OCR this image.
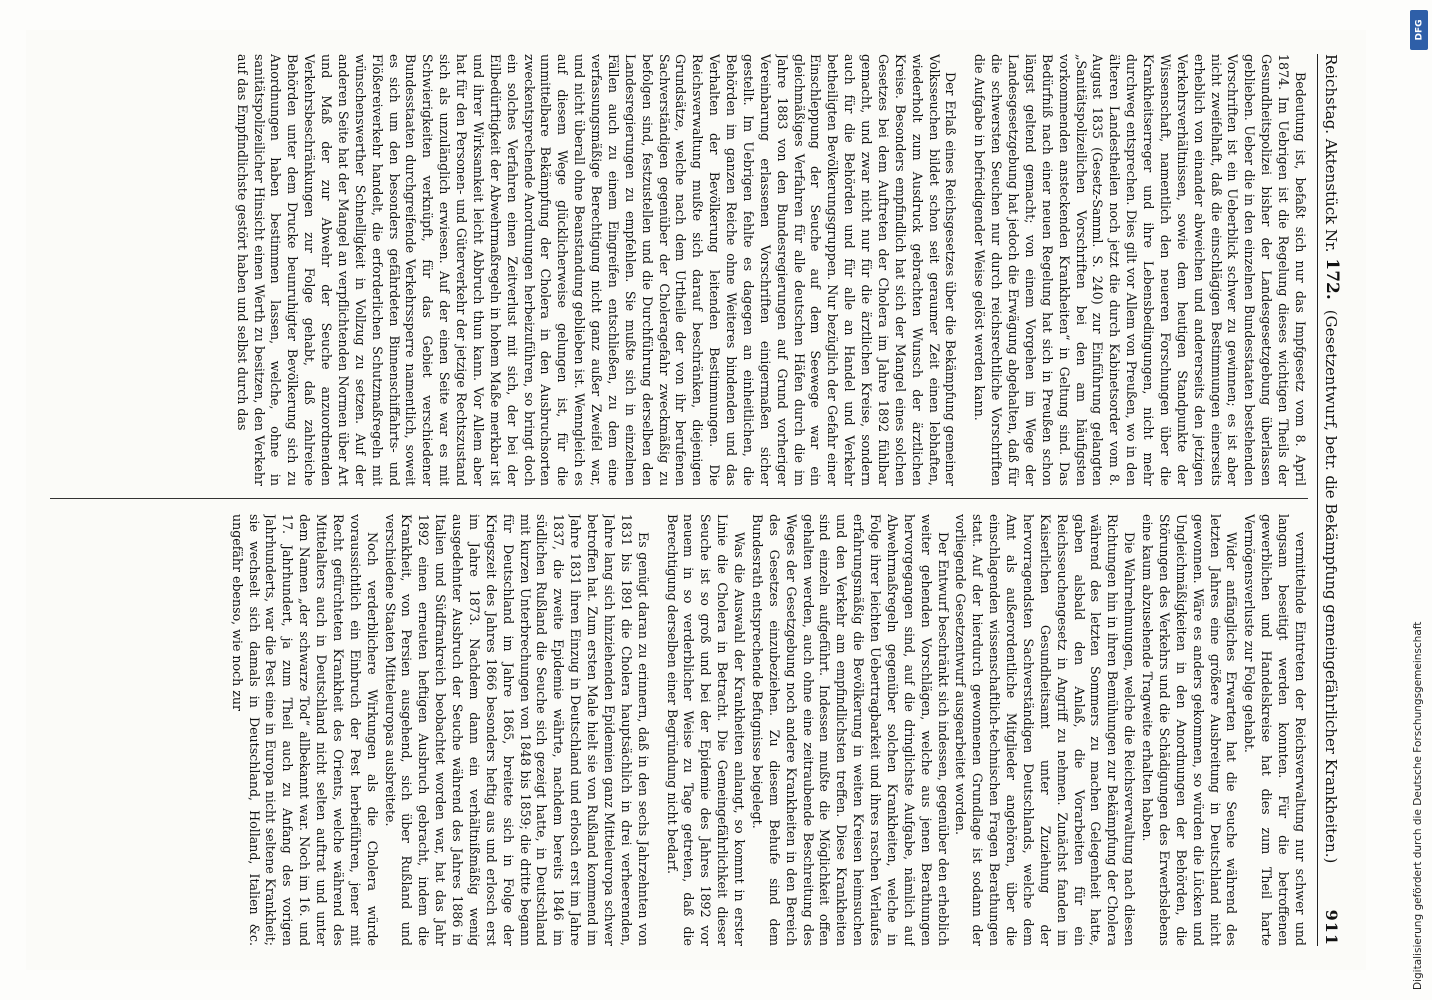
Reichstag. Aktenstück Nr.
172.
(Gesetzentwurf, betr. die Bekämpfung gemeingefährlicher Krankheiten.)
911

Bedeutung ist, befaßt sich nur das Impfgesetz vom 8. April 1874. Im Uebrigen ist die Regelung dieses wichtigen Theils der Gesundheitspolizei bisher der Landesgesetzgebung überlassen geblieben. Ueber die in den einzelnen Bundesstaaten bestehenden Vorschriften ist ein Ueberblick schwer zu gewinnen; es ist aber nicht zweifelhaft, daß die einschlägigen Bestimmungen einerseits erheblich von einander abweichen und andererseits den jetzigen Verkehrsverhältnissen, sowie dem heutigen Standpunkte der Wissenschaft, namentlich den neueren Forschungen über die Krankheitserreger und ihre Lebensbedingungen, nicht mehr durchweg entsprechen. Dies gilt vor Allem von Preußen, wo in den älteren Landestheilen noch jetzt die durch Kabinetsorder vom 8. August 1835 (Gesetz-Samml. S. 240) zur Einführung gelangten „Sanitätspolizeilichen Vorschriften bei den am häufigsten vorkommenden ansteckenden Krankheiten“ in Geltung sind. Das Bedürfniß nach einer neuen Regelung hat sich in Preußen schon längst geltend gemacht; von einem Vorgehen im Wege der Landesgesetzgebung hat jedoch die Erwägung abgehalten, daß für die schwersten Seuchen nur durch reichsrechtliche Vorschriften die Aufgabe in befriedigender Weise gelöst werden kann.

Der Erlaß eines Reichsgesetzes über die Bekämpfung gemeiner Volksseuchen bildet schon seit geraumer Zeit einen lebhaften, wiederholt zum Ausdruck gebrachten Wunsch der ärztlichen Kreise. Besonders empfindlich hat sich der Mangel eines solchen Gesetzes bei dem Auftreten der Cholera im Jahre 1892 fühlbar gemacht, und zwar nicht nur für die ärztlichen Kreise, sondern auch für die Behörden und für alle an Handel und Verkehr betheiligten Bevölkerungsgruppen. Nur bezüglich der Gefahr einer Einschleppung der Seuche auf dem Seewege war ein gleichmäßiges Verfahren für alle deutschen Häfen durch die im Jahre 1883 von den Bundesregierungen auf Grund vorheriger Vereinbarung erlassenen Vorschriften einigermaßen sicher gestellt. Im Uebrigen fehlte es dagegen an einheitlichen, die Behörden im ganzen Reiche ohne Weiteres bindenden und das Verhalten der Bevölkerung leitenden Bestimmungen. Die Reichsverwaltung mußte sich darauf beschränken, diejenigen Grundsätze, welche nach dem Urtheile der von ihr berufenen Sachverständigen gegenüber der Choleragefahr zweckmäßig zu befolgen sind, festzustellen und die Durchführung derselben den Landesregierungen zu empfehlen. Sie mußte sich in einzelnen Fällen auch zu einem Eingreifen entschließen, zu dem eine verfassungsmäßige Berechtigung nicht ganz außer Zweifel war, und nicht überall ohne Beanstandung geblieben ist. Wenngleich es auf diesem Wege glücklicherweise gelungen ist, für die unmittelbare Bekämpfung der Cholera in den Ausbruchsorten zweckentsprechende Anordnungen herbeizuführen, so bringt doch ein solches Verfahren einen Zeitverlust mit sich, der bei der Eilbedürftigkeit der Abwehrmaßregeln in hohem Maße merkbar ist und ihrer Wirksamkeit leicht Abbruch thun kann. Vor Allem aber hat für den Personen- und Güterverkehr der jetzige Rechtszustand sich als unzulänglich erwiesen. Auf der einen Seite war es mit Schwierigkeiten verknüpft, für das Gebiet verschiedener Bundesstaaten durchgreifende Verkehrssperre namentlich, soweit es sich um den besonders gefährdeten Binnenschiffahrts- und Flößereiverkehr handelt, die erforderlichen Schutzmaßregeln mit wünschenswerther Schnelligkeit in Vollzug zu setzen. Auf der anderen Seite hat der Mangel an verpflichtenden Normen über Art und Maß der zur Abwehr der Seuche anzuordnenden Verkehrsbeschränkungen zur Folge gehabt, daß zahlreiche Behörden unter dem Drucke beunruhigter Bevölkerung sich zu Anordnungen haben bestimmen lassen, welche, ohne in sanitätspolizeilicher Hinsicht einen Werth zu besitzen, den Verkehr auf das Empfindlichste gestört haben und selbst durch das

vermittelnde Eintreten der Reichsverwaltung nur schwer und langsam beseitigt werden konnten. Für die betroffenen gewerblichen und Handelskreise hat dies zum Theil harte Vermögensverluste zur Folge gehabt.

Wider anfängliches Erwarten hat die Seuche während des letzten Jahres eine größere Ausbreitung in Deutschland nicht gewonnen. Wäre es anders gekommen, so würden die Lücken und Ungleichmäßigkeiten in den Anordnungen der Behörden, die Störungen des Verkehrs und die Schädigungen des Erwerbslebens eine kaum abzusehende Tragweite erhalten haben.

Die Wahrnehmungen, welche die Reichsverwaltung nach diesen Richtungen hin in ihren Bemühungen zur Bekämpfung der Cholera während des letzten Sommers zu machen Gelegenheit hatte, gaben alsbald den Anlaß, die Vorarbeiten für ein Reichsseuchengesetz in Angriff zu nehmen. Zunächst fanden im Kaiserlichen Gesundheitsamt unter Zuziehung der hervorragendsten Sachverständigen Deutschlands, welche dem Amt als außerordentliche Mitglieder angehören, über die einschlagenden wissenschaftlich-technischen Fragen Berathungen statt. Auf der hierdurch gewonnenen Grundlage ist sodann der vorliegende Gesetzentwurf ausgearbeitet worden.

Der Entwurf beschränkt sich indessen, gegenüber den erheblich weiter gehenden Vorschlägen, welche aus jenen Berathungen hervorgegangen sind, auf die dringlichste Aufgabe, nämlich auf Abwehrmaßregeln gegenüber solchen Krankheiten, welche in Folge ihrer leichten Uebertragbarkeit und ihres raschen Verlaufes erfahrungsmäßig die Bevölkerung in weiten Kreisen heimsuchen und den Verkehr am empfindlichsten treffen. Diese Krankheiten sind einzeln aufgeführt. Indessen mußte die Möglichkeit offen gehalten werden, auch ohne eine zeitraubende Beschreitung des Weges der Gesetzgebung noch andere Krankheiten in den Bereich des Gesetzes einzubeziehen. Zu diesem Behufe sind dem Bundesrath entsprechende Befugnisse beigelegt.

Was die Auswahl der Krankheiten anlangt, so kommt in erster Linie die Cholera in Betracht. Die Gemeingefährlichkeit dieser Seuche ist so groß und bei der Epidemie des Jahres 1892 vor neuem in so verderblicher Weise zu Tage getreten, daß die Berechtigung derselben einer Begründung nicht bedarf.

Es genügt daran zu erinnern, daß in den sechs Jahrzehnten von 1831 bis 1891 die Cholera hauptsächlich in drei verheerenden, Jahre lang sich hinziehenden Epidemien ganz Mitteleuropa schwer betroffen hat. Zum ersten Male hielt sie von Rußland kommend im Jahre 1831 ihren Einzug in Deutschland und erlosch erst im Jahre 1837, die zweite Epidemie währte, nachdem bereits 1846 im südlichen Rußland die Seuche sich gezeigt hatte, in Deutschland mit kurzen Unterbrechungen von 1848 bis 1859; die dritte begann für Deutschland im Jahre 1865, breitete sich in Folge der Kriegszeit des Jahres 1866 besonders heftig aus und erlosch erst im Jahre 1873. Nachdem dann ein verhältnißmäßig wenig ausgedehnter Ausbruch der Seuche während des Jahres 1886 in Italien und Südfrankreich beobachtet worden war, hat das Jahr 1892 einen erneuten heftigen Ausbruch gebracht, indem die Krankheit, von Persien ausgehend, sich über Rußland und verschiedene Staaten Mitteleuropas ausbreitete.

Noch verderblichere Wirkungen als die Cholera würde voraussichtlich ein Einbruch der Pest herbeiführen, jener mit Recht gefürchteten Krankheit des Orients, welche während des Mittelalters auch in Deutschland nicht selten auftrat und unter dem Namen „der schwarze Tod“ allbekannt war. Noch im 16. und 17. Jahrhundert, ja zum Theil auch zu Anfang des vorigen Jahrhunderts, war die Pest eine in Europa nicht seltene Krankheit; sie wechselt sich damals in Deutschland, Holland, Italien &c. ungefähr ebenso, wie noch zur

DFG
Digitalisierung gefördert durch die Deutsche Forschungsgemeinschaft
